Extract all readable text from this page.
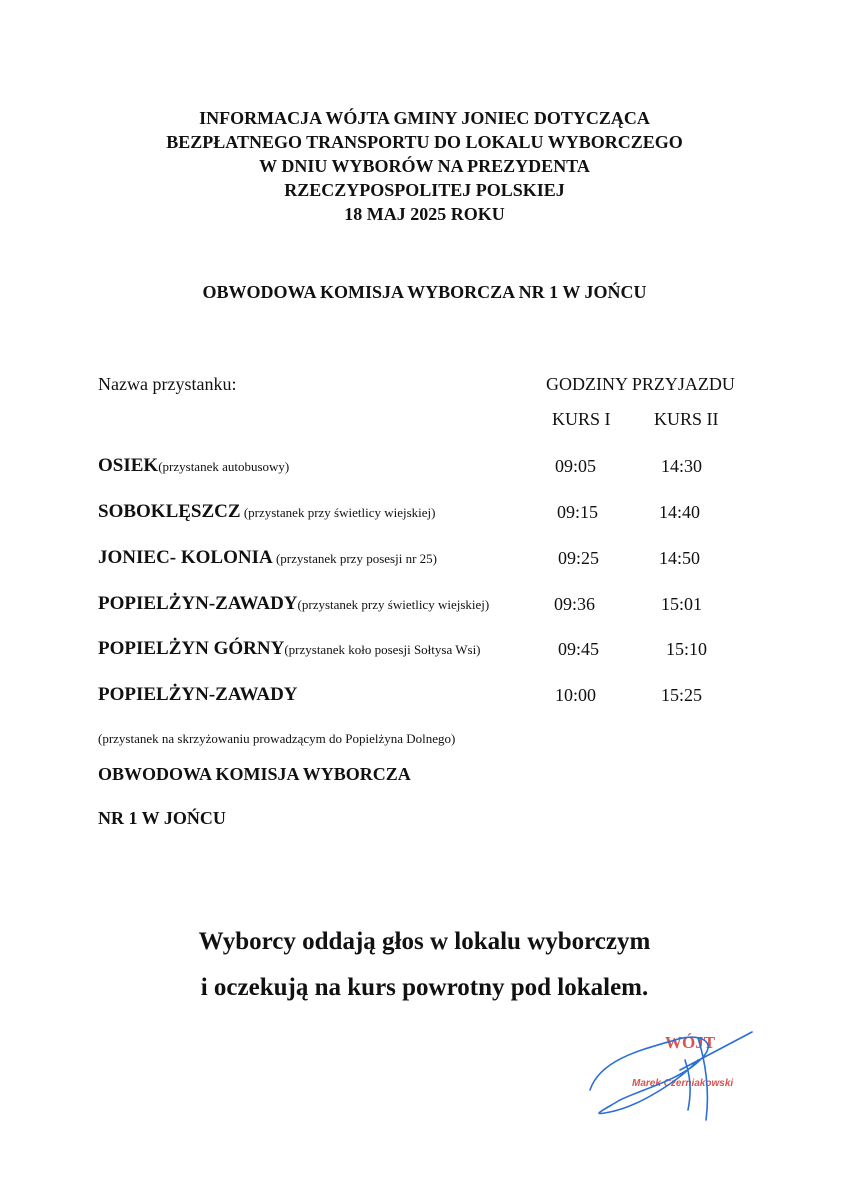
INFORMACJA WÓJTA GMINY JONIEC DOTYCZĄCA
BEZPŁATNEGO TRANSPORTU DO LOKALU WYBORCZEGO
W DNIU WYBORÓW NA PREZYDENTA
RZECZYPOSPOLITEJ POLSKIEJ
18 MAJ 2025 ROKU
OBWODOWA KOMISJA WYBORCZA NR 1 W JOŃCU
Nazwa przystanku:	GODZINY PRZYJAZDU
KURS I KURS II
OSIEK(przystanek autobusowy)	09:05	14:30
SOBOKLĘSZCZ (przystanek przy świetlicy wiejskiej)	09:15	14:40
JONIEC- KOLONIA (przystanek przy posesji nr 25)	09:25	14:50
POPIELŻYN-ZAWADY(przystanek przy świetlicy wiejskiej)	09:36	15:01
POPIELŻYN GÓRNY(przystanek koło posesji Sołtysa Wsi)	09:45	15:10
POPIELŻYN-ZAWADY	10:00	15:25
(przystanek na skrzyżowaniu prowadzącym do Popielżyna Dolnego)
OBWODOWA KOMISJA WYBORCZA
NR 1 W JOŃCU
Wyborcy oddają głos w lokalu wyborczym
i oczekują na kurs powrotny pod lokalem.
WÓJT
Marek Czerniakowski
